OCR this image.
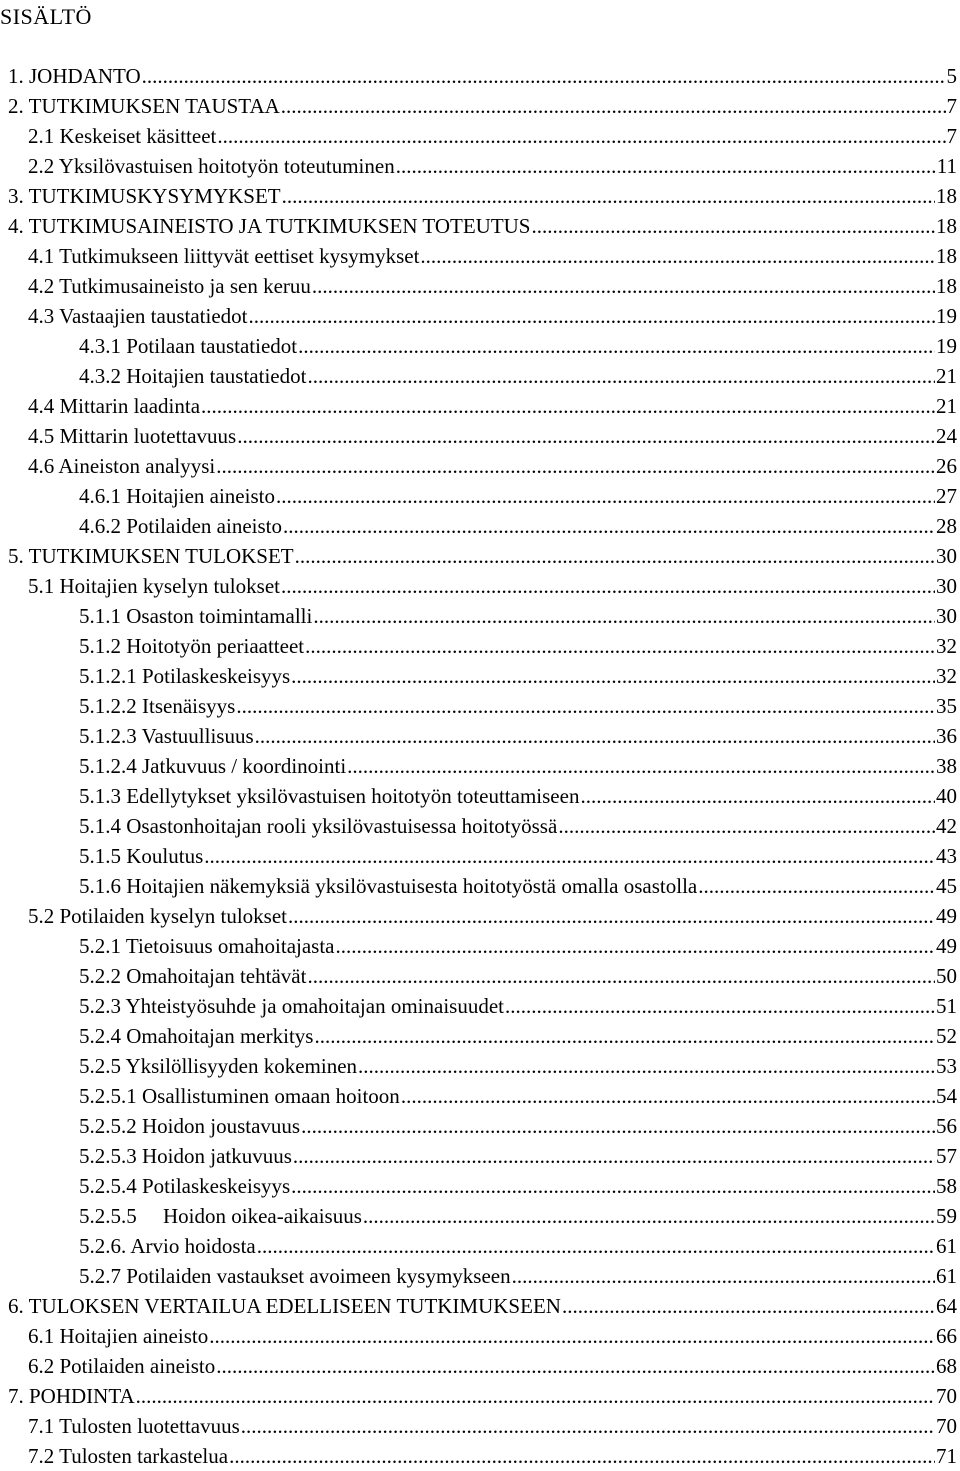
SISÄLTÖ
1. JOHDANTO .....	5
2. TUTKIMUKSEN TAUSTAA .....	7
2.1 Keskeiset käsitteet .....	7
2.2 Yksilövastuisen hoitotyön toteutuminen .....	11
3. TUTKIMUSKYSYMYKSET .....	18
4. TUTKIMUSAINEISTO JA TUTKIMUKSEN TOTEUTUS .....	18
4.1 Tutkimukseen liittyvät eettiset kysymykset .....	18
4.2 Tutkimusaineisto ja sen keruu .....	18
4.3 Vastaajien taustatiedot .....	19
4.3.1 Potilaan taustatiedot .....	19
4.3.2 Hoitajien taustatiedot .....	21
4.4 Mittarin laadinta .....	21
4.5 Mittarin luotettavuus .....	24
4.6 Aineiston analyysi .....	26
4.6.1 Hoitajien aineisto .....	27
4.6.2 Potilaiden aineisto .....	28
5. TUTKIMUKSEN TULOKSET .....	30
5.1 Hoitajien kyselyn tulokset .....	30
5.1.1 Osaston toimintamalli .....	30
5.1.2 Hoitotyön periaatteet .....	32
5.1.2.1 Potilaskeskeisyys .....	32
5.1.2.2 Itsenäisyys .....	35
5.1.2.3 Vastuullisuus .....	36
5.1.2.4 Jatkuvuus / koordinointi .....	38
5.1.3 Edellytykset yksilövastuisen hoitotyön toteuttamiseen .....	40
5.1.4 Osastonhoitajan rooli yksilövastuisessa hoitotyössä .....	42
5.1.5 Koulutus .....	43
5.1.6 Hoitajien näkemyksiä yksilövastuisesta hoitotyöstä omalla osastolla .....	45
5.2 Potilaiden kyselyn tulokset .....	49
5.2.1 Tietoisuus omahoitajasta .....	49
5.2.2 Omahoitajan tehtävät .....	50
5.2.3 Yhteistyösuhde ja omahoitajan ominaisuudet .....	51
5.2.4 Omahoitajan merkitys .....	52
5.2.5 Yksilöllisyyden kokeminen .....	53
5.2.5.1 Osallistuminen omaan hoitoon .....	54
5.2.5.2 Hoidon joustavuus .....	56
5.2.5.3 Hoidon jatkuvuus .....	57
5.2.5.4 Potilaskeskeisyys .....	58
5.2.5.5     Hoidon oikea-aikaisuus .....	59
5.2.6. Arvio hoidosta .....	61
5.2.7 Potilaiden vastaukset avoimeen kysymykseen .....	61
6. TULOKSEN VERTAILUA EDELLISEEN TUTKIMUKSEEN .....	64
6.1 Hoitajien aineisto .....	66
6.2 Potilaiden aineisto .....	68
7. POHDINTA .....	70
7.1 Tulosten luotettavuus .....	70
7.2 Tulosten tarkastelua .....	71
